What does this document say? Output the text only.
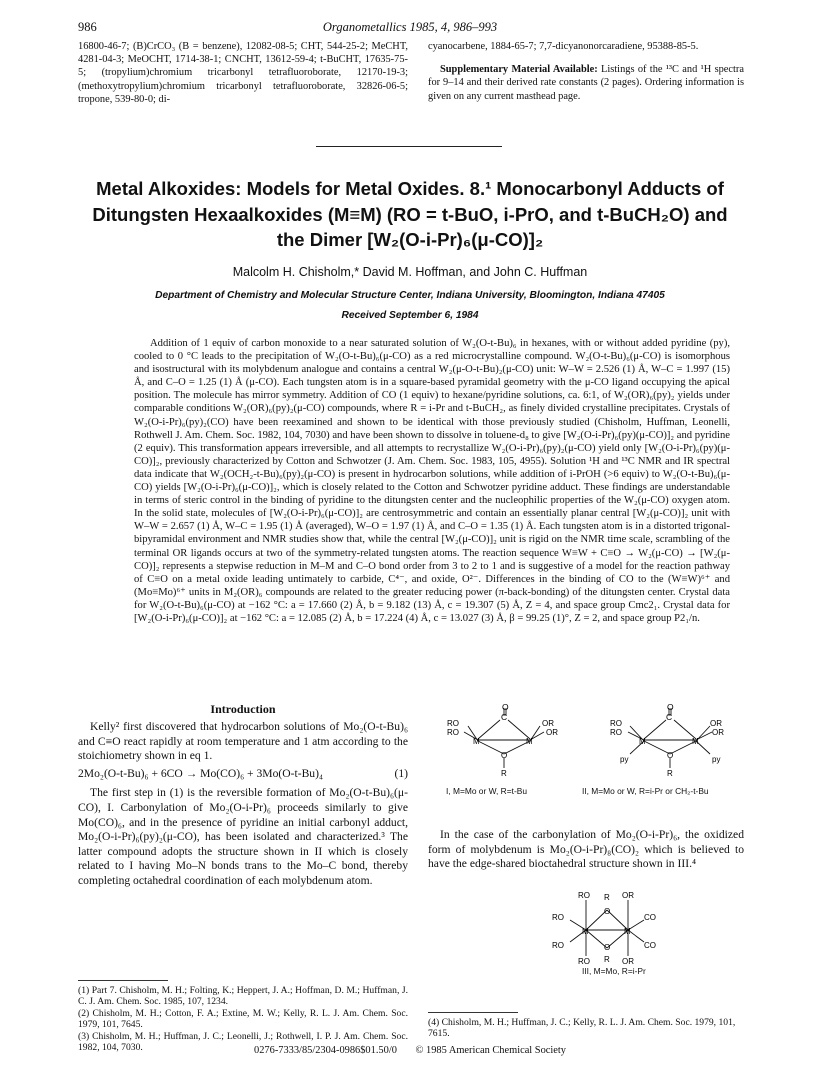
986	Organometallics 1985, 4, 986–993
16800-46-7; (B)CrCO₃ (B = benzene), 12082-08-5; CHT, 544-25-2; MeCHT, 4281-04-3; MeOCHT, 1714-38-1; CNCHT, 13612-59-4; t-BuCHT, 17635-75-5; (tropylium)chromium tricarbonyl tetrafluoroborate, 12170-19-3; (methoxytropylium)chromium tricarbonyl tetrafluoroborate, 32826-06-5; tropone, 539-80-0; di-

cyanocarbene, 1884-65-7; 7,7-dicyanonorcaradiene, 95388-85-5.

Supplementary Material Available: Listings of the ¹³C and ¹H spectra for 9–14 and their derived rate constants (2 pages). Ordering information is given on any current masthead page.

Metal Alkoxides: Models for Metal Oxides. 8.¹ Monocarbonyl Adducts of Ditungsten Hexaalkoxides (M≡M) (RO = t-BuO, i-PrO, and t-BuCH₂O) and the Dimer [W₂(O-i-Pr)₆(μ-CO)]₂
Malcolm H. Chisholm,* David M. Hoffman, and John C. Huffman
Department of Chemistry and Molecular Structure Center, Indiana University, Bloomington, Indiana 47405
Received September 6, 1984
Addition of 1 equiv of carbon monoxide to a near saturated solution of W₂(O-t-Bu)₆ in hexanes, with or without added pyridine (py), cooled to 0 °C leads to the precipitation of W₂(O-t-Bu)₆(μ-CO) as a red microcrystalline compound. W₂(O-t-Bu)₆(μ-CO) is isomorphous and isostructural with its molybdenum analogue and contains a central W₂(μ-O-t-Bu)₂(μ-CO) unit: W–W = 2.526 (1) Å, W–C = 1.997 (15) Å, and C–O = 1.25 (1) Å (μ-CO). Each tungsten atom is in a square-based pyramidal geometry with the μ-CO ligand occupying the apical position. The molecule has mirror symmetry. Addition of CO (1 equiv) to hexane/pyridine solutions, ca. 6:1, of W₂(OR)₆(py)₂ yields under comparable conditions W₂(OR)₆(py)₂(μ-CO) compounds, where R = i-Pr and t-BuCH₂, as finely divided crystalline precipitates. Crystals of W₂(O-i-Pr)₆(py)₂(CO) have been reexamined and shown to be identical with those previously studied (Chisholm, Huffman, Leonelli, Rothwell J. Am. Chem. Soc. 1982, 104, 7030) and have been shown to dissolve in toluene-d₈ to give [W₂(O-i-Pr)₆(py)(μ-CO)]₂ and pyridine (2 equiv). This transformation appears irreversible, and all attempts to recrystallize W₂(O-i-Pr)₆(py)₂(μ-CO) yield only [W₂(O-i-Pr)₆(py)(μ-CO)]₂, previously characterized by Cotton and Schwotzer (J. Am. Chem. Soc. 1983, 105, 4955). Solution ¹H and ¹³C NMR and IR spectral data indicate that W₂(OCH₂-t-Bu)₆(py)₂(μ-CO) is present in hydrocarbon solutions, while addition of i-PrOH (>6 equiv) to W₂(O-t-Bu)₆(μ-CO) yields [W₂(O-i-Pr)₆(μ-CO)]₂, which is closely related to the Cotton and Schwotzer pyridine adduct. These findings are understandable in terms of steric control in the binding of pyridine to the ditungsten center and the nucleophilic properties of the W₂(μ-CO) oxygen atom. In the solid state, molecules of [W₂(O-i-Pr)₆(μ-CO)]₂ are centrosymmetric and contain an essentially planar central [W₂(μ-CO)]₂ unit with W–W = 2.657 (1) Å, W–C = 1.95 (1) Å (averaged), W–O = 1.97 (1) Å, and C–O = 1.35 (1) Å. Each tungsten atom is in a distorted trigonal-bipyramidal environment and NMR studies show that, while the central [W₂(μ-CO)]₂ unit is rigid on the NMR time scale, scrambling of the terminal OR ligands occurs at two of the symmetry-related tungsten atoms. The reaction sequence W≡W + C≡O → W₂(μ-CO) → [W₂(μ-CO)]₂ represents a stepwise reduction in M–M and C–O bond order from 3 to 2 to 1 and is suggestive of a model for the reaction pathway of C≡O on a metal oxide leading untimately to carbide, C⁴⁻, and oxide, O²⁻. Differences in the binding of CO to the (W≡W)⁶⁺ and (Mo≡Mo)⁶⁺ units in M₂(OR)₆ compounds are related to the greater reducing power (π-back-bonding) of the ditungsten center. Crystal data for W₂(O-t-Bu)₆(μ-CO) at −162 °C: a = 17.660 (2) Å, b = 9.182 (13) Å, c = 19.307 (5) Å, Z = 4, and space group Cmc2₁. Crystal data for [W₂(O-i-Pr)₆(μ-CO)]₂ at −162 °C: a = 12.085 (2) Å, b = 17.224 (4) Å, c = 13.027 (3) Å, β = 99.25 (1)°, Z = 2, and space group P2₁/n.
Introduction

Kelly² first discovered that hydrocarbon solutions of Mo₂(O-t-Bu)₆ and C≡O react rapidly at room temperature and 1 atm according to the stoichiometry shown in eq 1.

2Mo₂(O-t-Bu)₆ + 6CO → Mo(CO)₆ + 3Mo(O-t-Bu)₄	(1)

The first step in (1) is the reversible formation of Mo₂(O-t-Bu)₆(μ-CO), I. Carbonylation of Mo₂(O-i-Pr)₆ proceeds similarly to give Mo(CO)₆, and in the presence of pyridine an initial carbonyl adduct, Mo₂(O-i-Pr)₆(py)₂(μ-CO), has been isolated and characterized.³ The latter compound adopts the structure shown in II which is closely related to I having Mo–N bonds trans to the Mo–C bond, thereby completing octahedral coordination of each molybdenum atom.

O
C
M	M
RO
RO
OR
OR
O
R
I, M=Mo or W, R=t-Bu
O
C
M	M
RO
RO
OR
OR
py	py
O
R
II, M=Mo or W, R=i-Pr or CH₂-t-Bu
In the case of the carbonylation of Mo₂(O-i-Pr)₆, the oxidized form of molybdenum is Mo₂(O-i-Pr)₈(CO)₂ which is believed to have the edge-shared bioctahedral structure shown in III.⁴
RO R OR
O
RO	CO
M	M
O
RO	CO
RO R OR
III, M=Mo, R=i-Pr

(1) Part 7. Chisholm, M. H.; Folting, K.; Heppert, J. A.; Hoffman, D. M.; Huffman, J. C. J. Am. Chem. Soc. 1985, 107, 1234.

(2) Chisholm, M. H.; Cotton, F. A.; Extine, M. W.; Kelly, R. L. J. Am. Chem. Soc. 1979, 101, 7645.

(3) Chisholm, M. H.; Huffman, J. C.; Leonelli, J.; Rothwell, I. P. J. Am. Chem. Soc. 1982, 104, 7030.

(4) Chisholm, M. H.; Huffman, J. C.; Kelly, R. L. J. Am. Chem. Soc. 1979, 101, 7615.
0276-7333/85/2304-0986$01.50/0 © 1985 American Chemical Society
